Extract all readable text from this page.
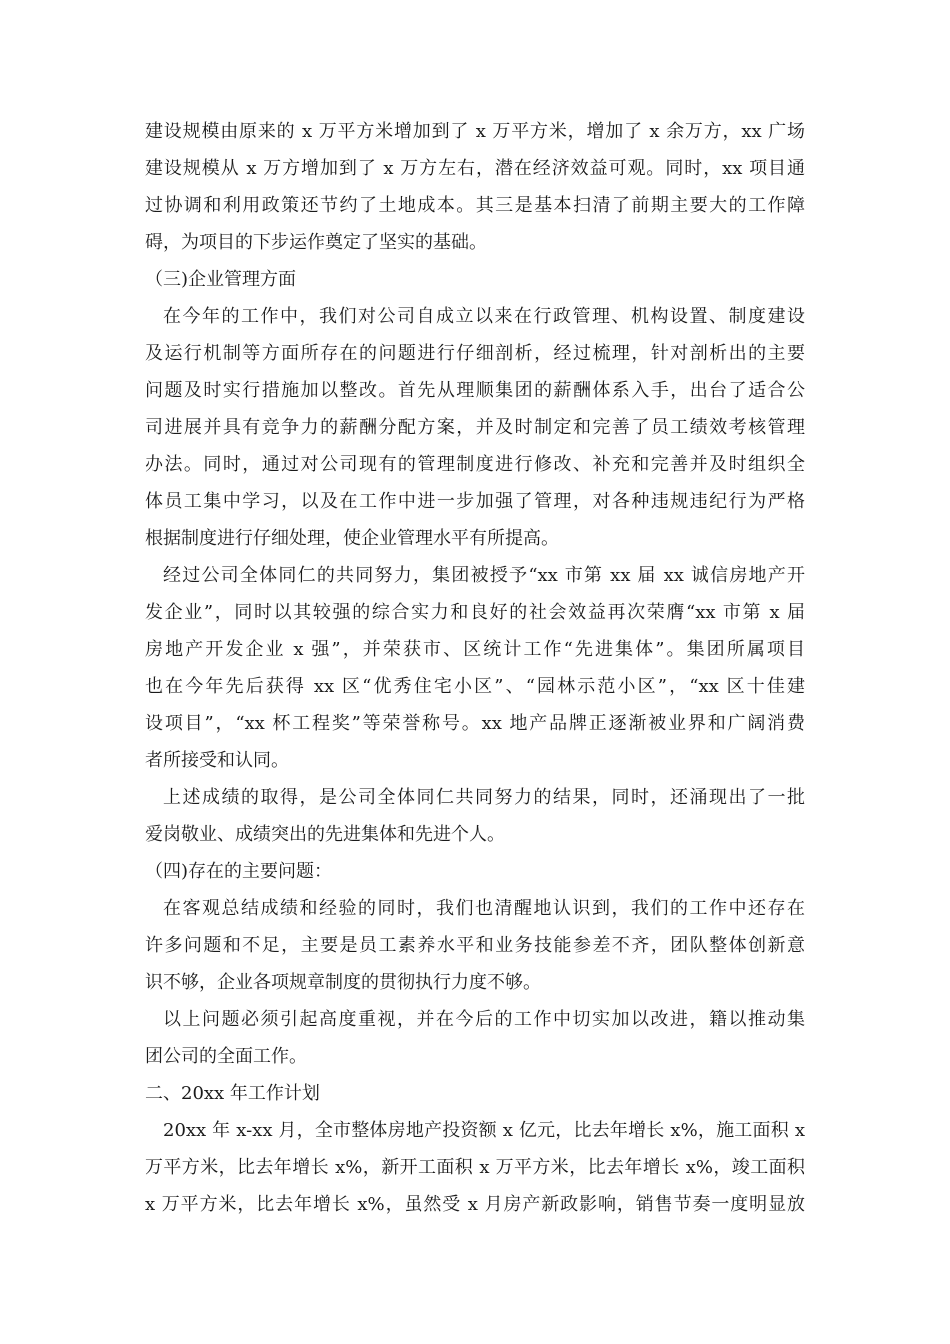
建设规模由原来的 x 万平方米增加到了 x 万平方米，增加了 x 余万方，xx 广场

建设规模从 x 万方增加到了 x 万方左右，潜在经济效益可观。同时，xx 项目通

过协调和利用政策还节约了土地成本。其三是基本扫清了前期主要大的工作障

碍，为项目的下步运作奠定了坚实的基础。

（三)企业管理方面

在今年的工作中，我们对公司自成立以来在行政管理、机构设置、制度建设

及运行机制等方面所存在的问题进行仔细剖析，经过梳理，针对剖析出的主要

问题及时实行措施加以整改。首先从理顺集团的薪酬体系入手，出台了适合公

司进展并具有竞争力的薪酬分配方案，并及时制定和完善了员工绩效考核管理

办法。同时，通过对公司现有的管理制度进行修改、补充和完善并及时组织全

体员工集中学习，以及在工作中进一步加强了管理，对各种违规违纪行为严格

根据制度进行仔细处理，使企业管理水平有所提高。

经过公司全体同仁的共同努力，集团被授予“xx 市第 xx 届 xx 诚信房地产开

发企业”，同时以其较强的综合实力和良好的社会效益再次荣膺“xx 市第 x 届

房地产开发企业 x 强”，并荣获市、区统计工作“先进集体”。集团所属项目

也在今年先后获得 xx 区“优秀住宅小区”、“园林示范小区”，“xx 区十佳建

设项目”，“xx 杯工程奖”等荣誉称号。xx 地产品牌正逐渐被业界和广阔消费

者所接受和认同。

上述成绩的取得，是公司全体同仁共同努力的结果，同时，还涌现出了一批

爱岗敬业、成绩突出的先进集体和先进个人。

（四)存在的主要问题：

在客观总结成绩和经验的同时，我们也清醒地认识到，我们的工作中还存在

许多问题和不足，主要是员工素养水平和业务技能参差不齐，团队整体创新意

识不够，企业各项规章制度的贯彻执行力度不够。

以上问题必须引起高度重视，并在今后的工作中切实加以改进，籍以推动集

团公司的全面工作。

二、20xx 年工作计划

20xx 年 x-xx 月，全市整体房地产投资额 x 亿元，比去年增长 x%，施工面积 x

万平方米，比去年增长 x%，新开工面积 x 万平方米，比去年增长 x%，竣工面积

x 万平方米，比去年增长 x%，虽然受 x 月房产新政影响，销售节奏一度明显放
